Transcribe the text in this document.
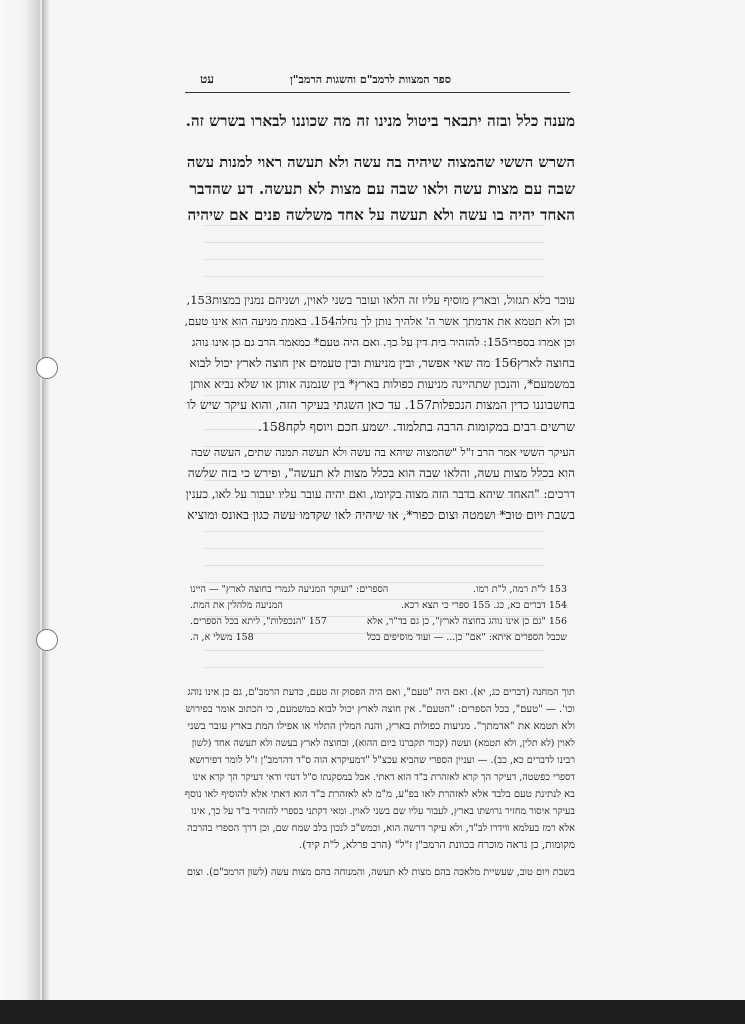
עט	ספר המצוות לרמב"ם והשגות הרמב"ן
מענה כלל ובזה יתבאר ביטול מנינו זה מה שכוננו לבארו בשרש זה.
השרש הששי שהמצוה שיהיה בה עשה ולא תעשה ראוי למנות עשה
שבה עם מצות עשה ולאו שבה עם מצות לא תעשה. דע שהדבר
האחד יהיה בו עשה ולא תעשה על אחד משלשה פנים אם שיהיה
עובר בלא תגזול, ובארץ מוסיף עליו זה הלאו ועובר בשני לאוין, ושניהם נמנין במצות153,
וכן ולא תטמא את אדמתך אשר ה' אלהיך נותן לך נחלה154. באמת מניעה הוא אינו טעם,
וכן אמרו בספרי155: להזהיר בית דין על כך. ואם היה טעם* כמאמר הרב גם כן אינו נוהג
בחוצה לארץ156 מה שאי אפשר, ובין מניעות ובין טעמים אין חוצה לארץ יכול לבוא
במשמעם*, והנכון שתהיינה מניעות כפולות בארץ* בין שנמנה אותן או שלא נביא אותן
בחשבוננו כדין המצות הנכפלות157. עד כאן השגתי בעיקר הזה, והוא עיקר שיש לו
שרשים רבים במקומות הרבה בתלמוד. ישמע חכם ויוסף לקח158.
העיקר הששי אמר הרב ז"ל "שהמצוה שיהא בה עשה ולא תעשה תמנה שתים, העשה שבה
הוא בכלל מצות עשה, והלאו שבה הוא בכלל מצות לא תעשה", ופירש כי בזה שלשה
דרכים: "האחד שיהא בדבר הזה מצוה בקיומו, ואם יהיה עובר עליו יעבור על לאו, כענין
בשבת ויום טוב* ושמטה וצום כפור*, או שיהיה לאו שקדמו עשה כגון באונס ומוציא
153 ל"ת רמה, ל"ת רמו.
154 דברים כא, כג. 155 ספרי כי תצא רכא.
156 "גם כן אינו נוהג בחוצה לארץ", כן גם בד"ר, אלא
שכבל הספרים איתא: "אם" כן... — ועוד מוסיפים בכל
הספרים: "ועוקר המניעה לגמרי בחוצה לארץ" — היינו
המניעה מלהלין את המת.
157 "הנכפלות", ליתא בכל הספרים.
158 משלי א, ה.
תוך המחנה (דברים כג, יא). ואם היה "טעם", ואם היה הפסוק זה טעם, כדעת הרמב"ם, גם כן אינו נוהג
וכו'. — "טעם", בכל הספרים: "הטעם". אין חוצה לארץ יכול לבוא במשמעם, כי הכתוב אומר בפירוש
ולא תטמא את "אדמתך". מניעות כפולות בארץ, והנה המלין התלוי או אפילו המת בארץ עובר בשני
לאוין (לא תלין, ולא תטמא) ועשה (קבור תקברנו ביום ההוא), ובחוצה לארץ בעשה ולא תעשה אחד (לשון
רבינו לדברים כא, כב). — ועניין הספרי שהביא עכצ"ל "דמעיקרא הוה ס"ד דהרמב"ן ז"ל לומר דפירושא
דספרי כפשטה, דעיקר הך קרא לאזהרת ב"ד הוא דאתי. אבל במסקנתו ס"ל דנהי ודאי דעיקר הך קרא אינו
בא לנתינת טעם בלבד אלא לאזהרת לאו בפ"ע, מ"מ לא לאזהרת ב"ד הוא דאתי אלא להוסיף לאו נוסף
בעיקר איסור מחזיר גרושתו בארץ, לעבור עליו שם בשני לאוין. ומאי דקתני בספרי להזהיר ב"ד על כך, אינו
אלא רמז בעלמא ווידרו לב"ד, ולא עיקר דרשה הוא, וכמש"כ לנכון בלב שמח שם, וכן דרך הספרי בהרבה
מקומות, כן נראה מוכרח בכוונת הרמב"ן ז"ל" (הרב פרלא, ל"ת קיד).
בשבת ויום טוב, שעשיית מלאכה בהם מצות לא תעשה, והמנוחה בהם מצות עשה (לשון הרמב"ם). וצום
